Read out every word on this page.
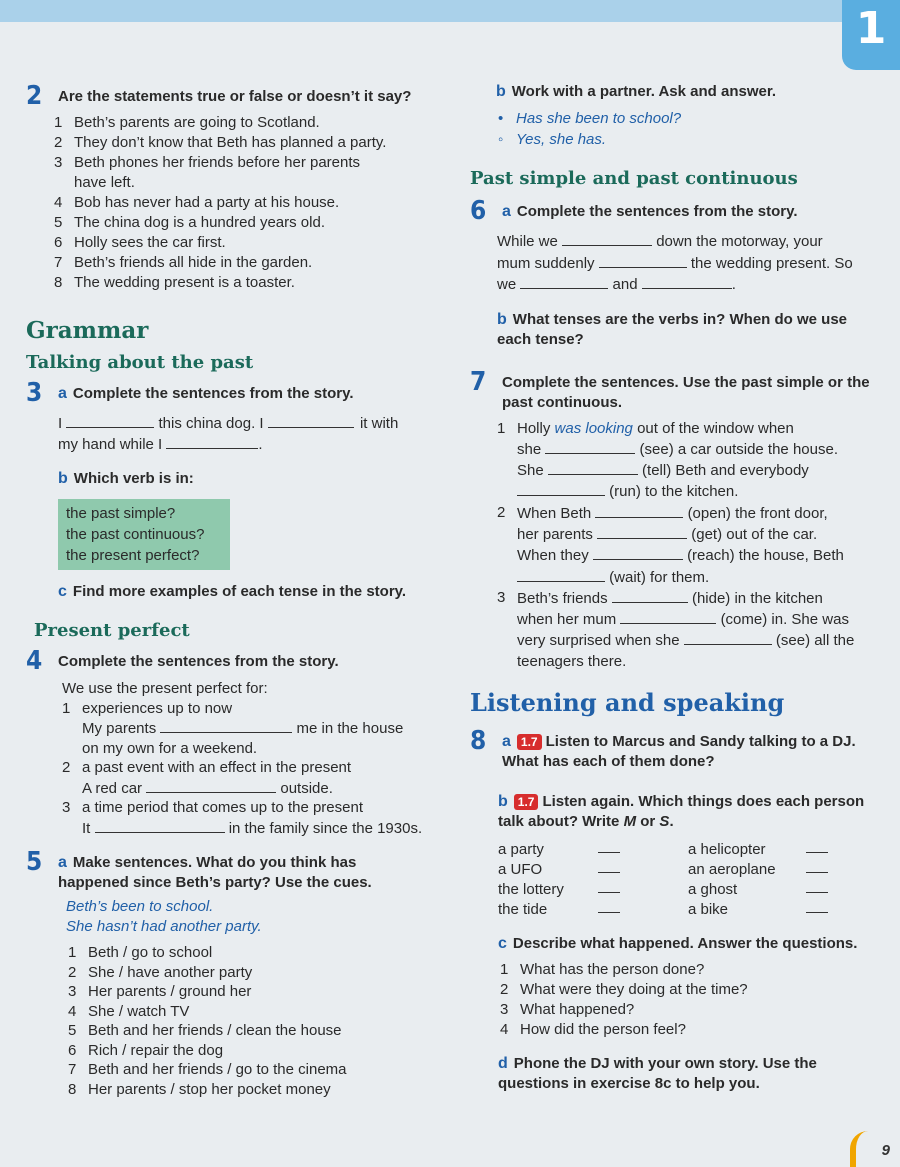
1
2	Are the statements true or false or doesn’t it say?
1 Beth’s parents are going to Scotland.
2 They don’t know that Beth has planned a party.
3 Beth phones her friends before her parents have left.
4 Bob has never had a party at his house.
5 The china dog is a hundred years old.
6 Holly sees the car first.
7 Beth’s friends all hide in the garden.
8 The wedding present is a toaster.
Grammar
Talking about the past
3 a Complete the sentences from the story.
I	this china dog. I	it with
my hand while I	.
b Which verb is in:
the past simple?
the past continuous?
the present perfect?
c Find more examples of each tense in the story.
Present perfect
4	Complete the sentences from the story.
We use the present perfect for:
1 experiences up to now
My parents	me in the house
on my own for a weekend.
2 a past event with an effect in the present
A red car	outside.
3 a time period that comes up to the present
It	in the family since the 1930s.
5 a Make sentences. What do you think has happened since Beth’s party? Use the cues.
Beth’s been to school.
She hasn’t had another party.
1 Beth / go to school
2 She / have another party
3 Her parents / ground her
4 She / watch TV
5 Beth and her friends / clean the house
6 Rich / repair the dog
7 Beth and her friends / go to the cinema
8 Her parents / stop her pocket money
b Work with a partner. Ask and answer.
• Has she been to school?
◦ Yes, she has.
Past simple and past continuous
6 a Complete the sentences from the story.
While we	down the motorway, your
mum suddenly	the wedding present. So
we	and	.
b What tenses are the verbs in? When do we use each tense?
7	Complete the sentences. Use the past simple or the past continuous.
1 Holly was looking out of the window when
she	(see) a car outside the house.
She	(tell) Beth and everybody
(run) to the kitchen.
2 When Beth	(open) the front door,
her parents	(get) out of the car.
When they	(reach) the house, Beth
(wait) for them.
3 Beth’s friends	(hide) in the kitchen
when her mum	(come) in. She was
very surprised when she	(see) all the
teenagers there.
Listening and speaking
8 a 1.7 Listen to Marcus and Sandy talking to a DJ. What has each of them done?
b 1.7 Listen again. Which things does each person talk about? Write M or S.
a party	a helicopter
a UFO	an aeroplane
the lottery	a ghost
the tide	a bike
c Describe what happened. Answer the questions.
1 What has the person done?
2 What were they doing at the time?
3 What happened?
4 How did the person feel?
d Phone the DJ with your own story. Use the questions in exercise 8c to help you.
9
